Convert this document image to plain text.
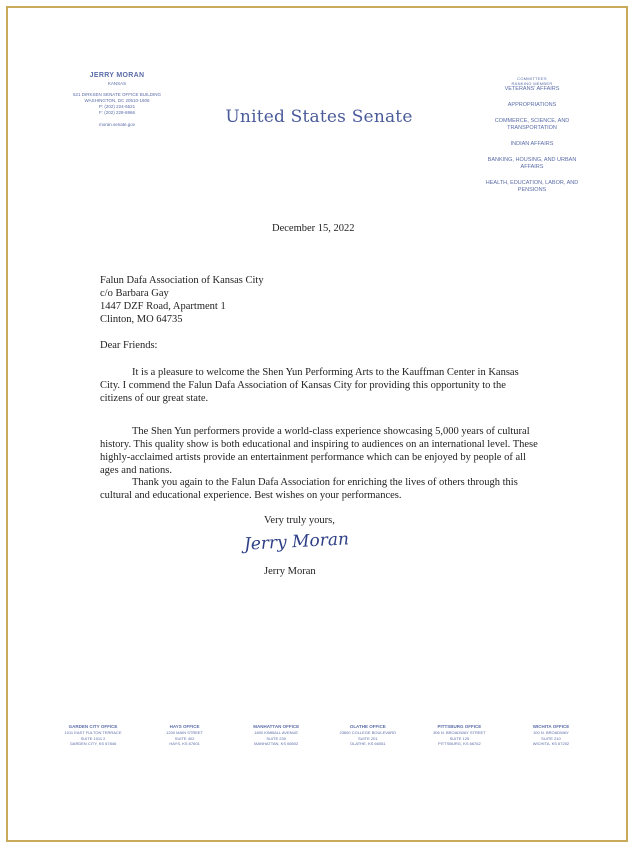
JERRY MORAN
KANSAS
521 DIRKSEN SENATE OFFICE BUILDING
WASHINGTON, DC 20510-1606
P: (202) 224-6521
F: (202) 228-6966
moran.senate.gov	United States Senate
COMMITTEES
RANKING MEMBER
VETERANS' AFFAIRS
APPROPRIATIONS
COMMERCE, SCIENCE, AND TRANSPORTATION
INDIAN AFFAIRS
BANKING, HOUSING, AND URBAN AFFAIRS
HEALTH, EDUCATION, LABOR, AND PENSIONS
December 15, 2022
Falun Dafa Association of Kansas City
c/o Barbara Gay
1447 DZF Road, Apartment 1
Clinton, MO 64735
Dear Friends:
It is a pleasure to welcome the Shen Yun Performing Arts to the Kauffman Center in Kansas City. I commend the Falun Dafa Association of Kansas City for providing this opportunity to the citizens of our great state.
The Shen Yun performers provide a world-class experience showcasing 5,000 years of cultural history. This quality show is both educational and inspiring to audiences on an international level. These highly-acclaimed artists provide an entertainment performance which can be enjoyed by people of all ages and nations.
Thank you again to the Falun Dafa Association for enriching the lives of others through this cultural and educational experience. Best wishes on your performances.
Very truly yours,
Jerry Moran
Jerry Moran
GARDEN CITY OFFICE
1011 EAST FULTON TERRACE
SUITE 1011 2
GARDEN CITY, KS 67846
HAYS OFFICE
1200 MAIN STREET
SUITE 402
HAYS, KS 67601
MANHATTAN OFFICE
1800 KIMBALL AVENUE
SUITE 230
MANHATTAN, KS 66502
OLATHE OFFICE
23600 COLLEGE BOULEVARD
SUITE 201
OLATHE, KS 66061
PITTSBURG OFFICE
306 N. BROADWAY STREET
SUITE 125
PITTSBURG, KS 66762
WICHITA OFFICE
100 N. BROADWAY
SUITE 210
WICHITA, KS 67202
